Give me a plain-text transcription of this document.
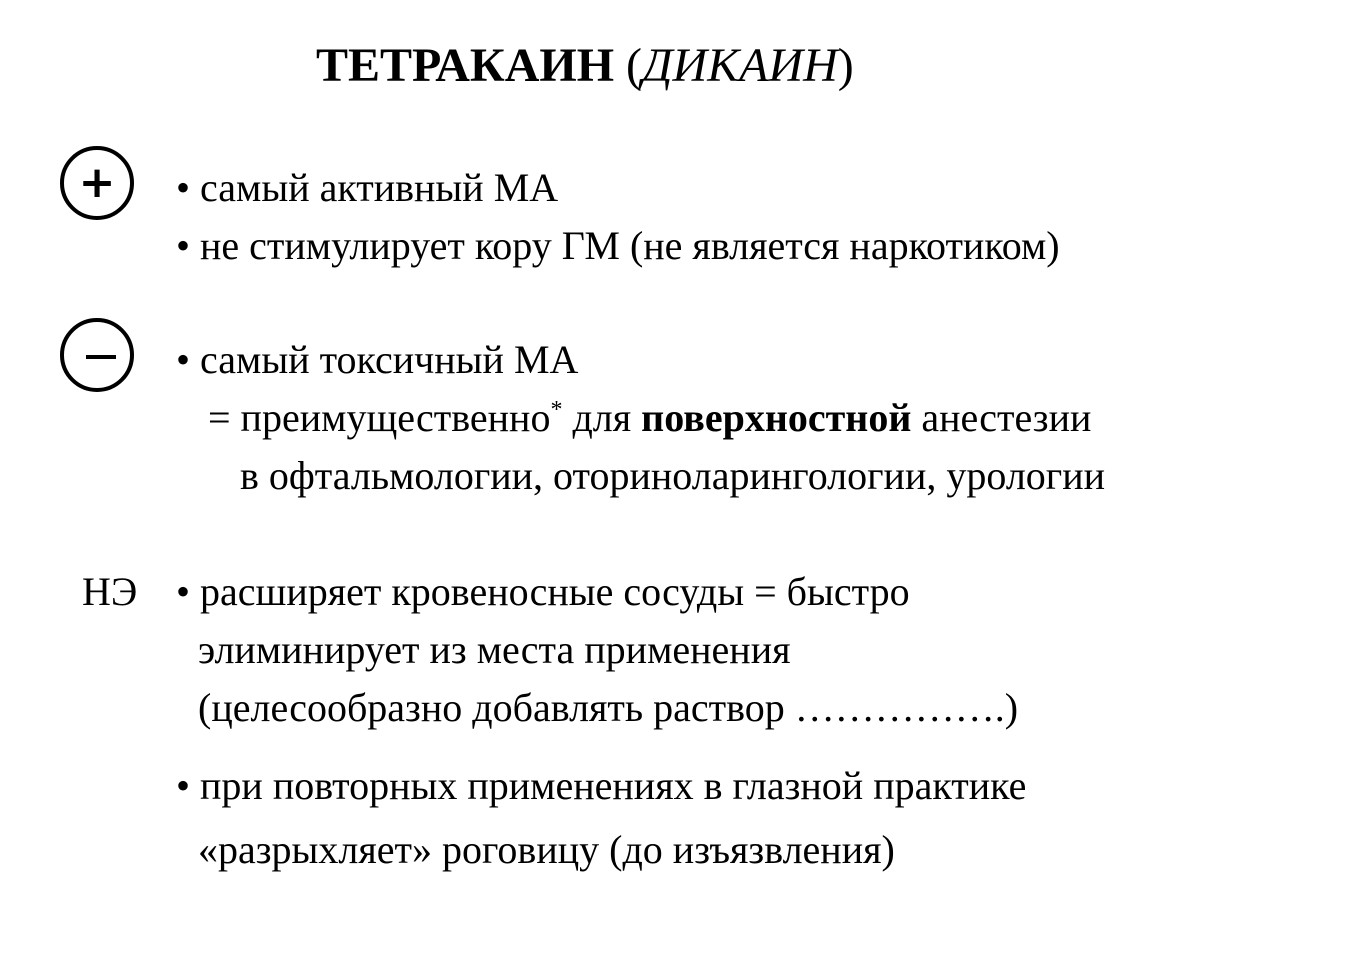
ТЕТРАКАИН (ДИКАИН)
+	• самый активный МА
• не стимулирует кору ГМ (не является наркотиком)
• самый токсичный МА
= преимущественно* для поверхностной анестезии
в офтальмологии, оториноларингологии, урологии
НЭ • расширяет кровеносные сосуды = быстро
элиминирует из места применения
(целесообразно добавлять раствор …………….)
• при повторных применениях в глазной практике
«разрыхляет» роговицу (до изъязвления)
